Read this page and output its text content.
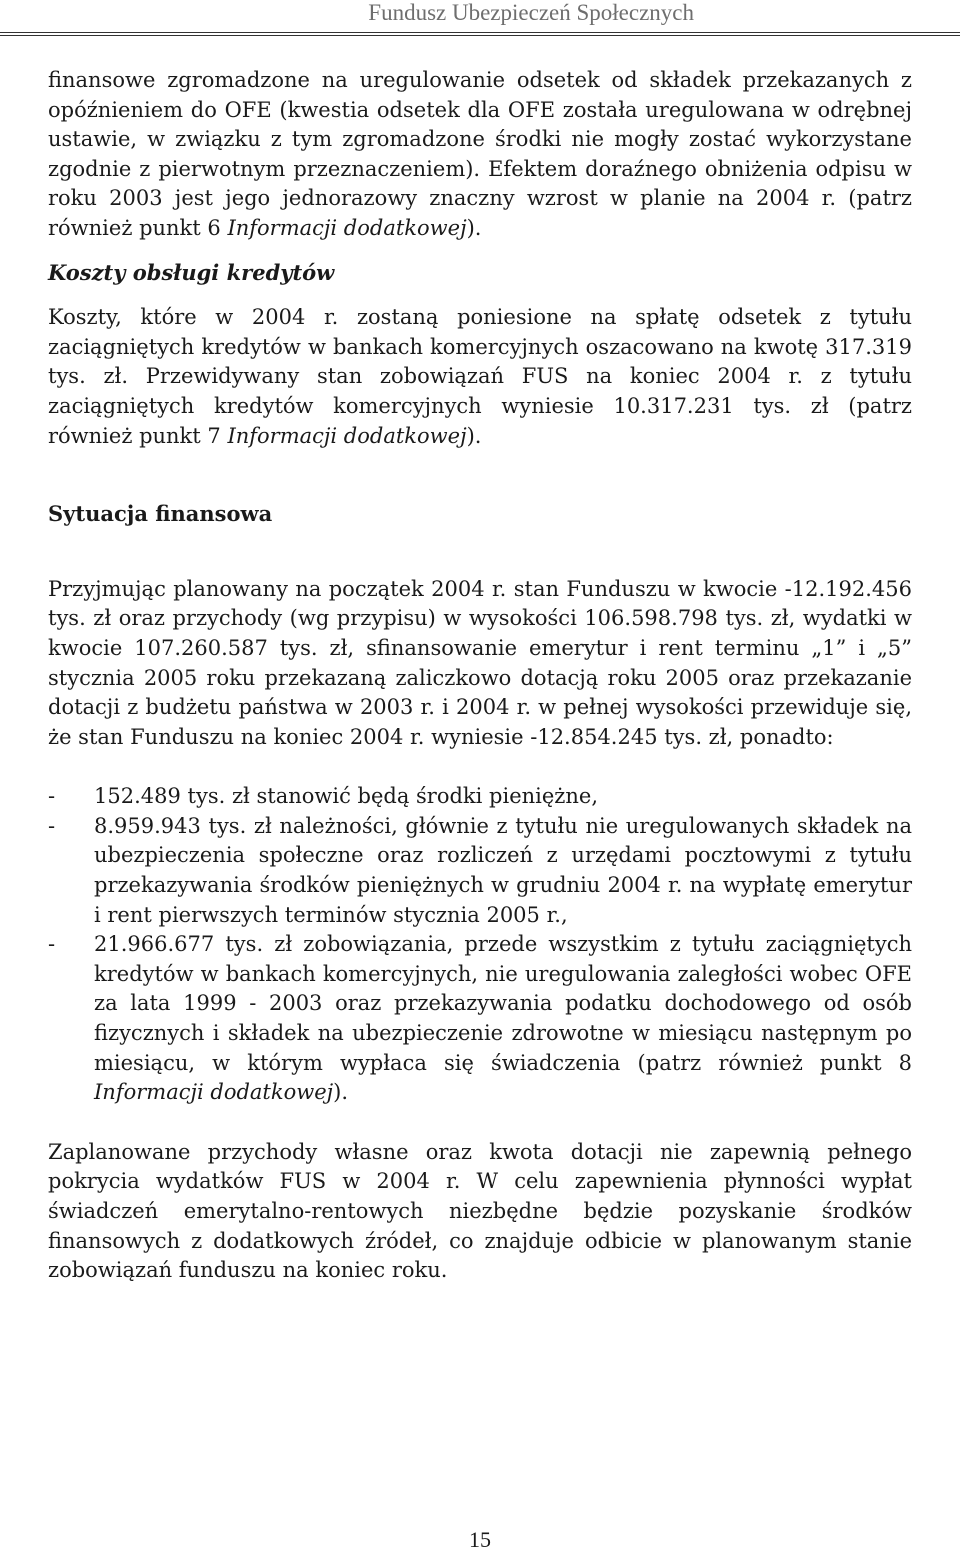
Fundusz Ubezpieczeń Społecznych

finansowe zgromadzone na uregulowanie odsetek od składek przekazanych z opóźnieniem do OFE (kwestia odsetek dla OFE została uregulowana w odrębnej ustawie, w związku z tym zgromadzone środki nie mogły zostać wykorzystane zgodnie z pierwotnym przeznaczeniem). Efektem doraźnego obniżenia odpisu w roku 2003 jest jego jednorazowy znaczny wzrost w planie na 2004 r. (patrz również punkt 6 Informacji dodatkowej).

Koszty obsługi kredytów

Koszty, które w 2004 r. zostaną poniesione na spłatę odsetek z tytułu zaciągniętych kredytów w bankach komercyjnych oszacowano na kwotę 317.319 tys. zł. Przewidywany stan zobowiązań FUS na koniec 2004 r. z tytułu zaciągniętych kredytów komercyjnych wyniesie 10.317.231 tys. zł (patrz również punkt 7 Informacji dodatkowej).

Sytuacja finansowa

Przyjmując planowany na początek 2004 r. stan Funduszu w kwocie -12.192.456 tys. zł oraz przychody (wg przypisu) w wysokości 106.598.798 tys. zł, wydatki w kwocie 107.260.587 tys. zł, sfinansowanie emerytur i rent terminu „1” i „5” stycznia 2005 roku przekazaną zaliczkowo dotacją roku 2005 oraz przekazanie dotacji z budżetu państwa w 2003 r. i 2004 r. w pełnej wysokości przewiduje się, że stan Funduszu na koniec 2004 r. wyniesie -12.854.245 tys. zł, ponadto:

- 152.489 tys. zł stanowić będą środki pieniężne,
- 8.959.943 tys. zł należności, głównie z tytułu nie uregulowanych składek na ubezpieczenia społeczne oraz rozliczeń z urzędami pocztowymi z tytułu przekazywania środków pieniężnych w grudniu 2004 r. na wypłatę emerytur i rent pierwszych terminów stycznia 2005 r.,
- 21.966.677 tys. zł zobowiązania, przede wszystkim z tytułu zaciągniętych kredytów w bankach komercyjnych, nie uregulowania zaległości wobec OFE za lata 1999 - 2003 oraz przekazywania podatku dochodowego od osób fizycznych i składek na ubezpieczenie zdrowotne w miesiącu następnym po miesiącu, w którym wypłaca się świadczenia (patrz również punkt 8 Informacji dodatkowej).

Zaplanowane przychody własne oraz kwota dotacji nie zapewnią pełnego pokrycia wydatków FUS w 2004 r. W celu zapewnienia płynności wypłat świadczeń emerytalno-rentowych niezbędne będzie pozyskanie środków finansowych z dodatkowych źródeł, co znajduje odbicie w planowanym stanie zobowiązań funduszu na koniec roku.

15
